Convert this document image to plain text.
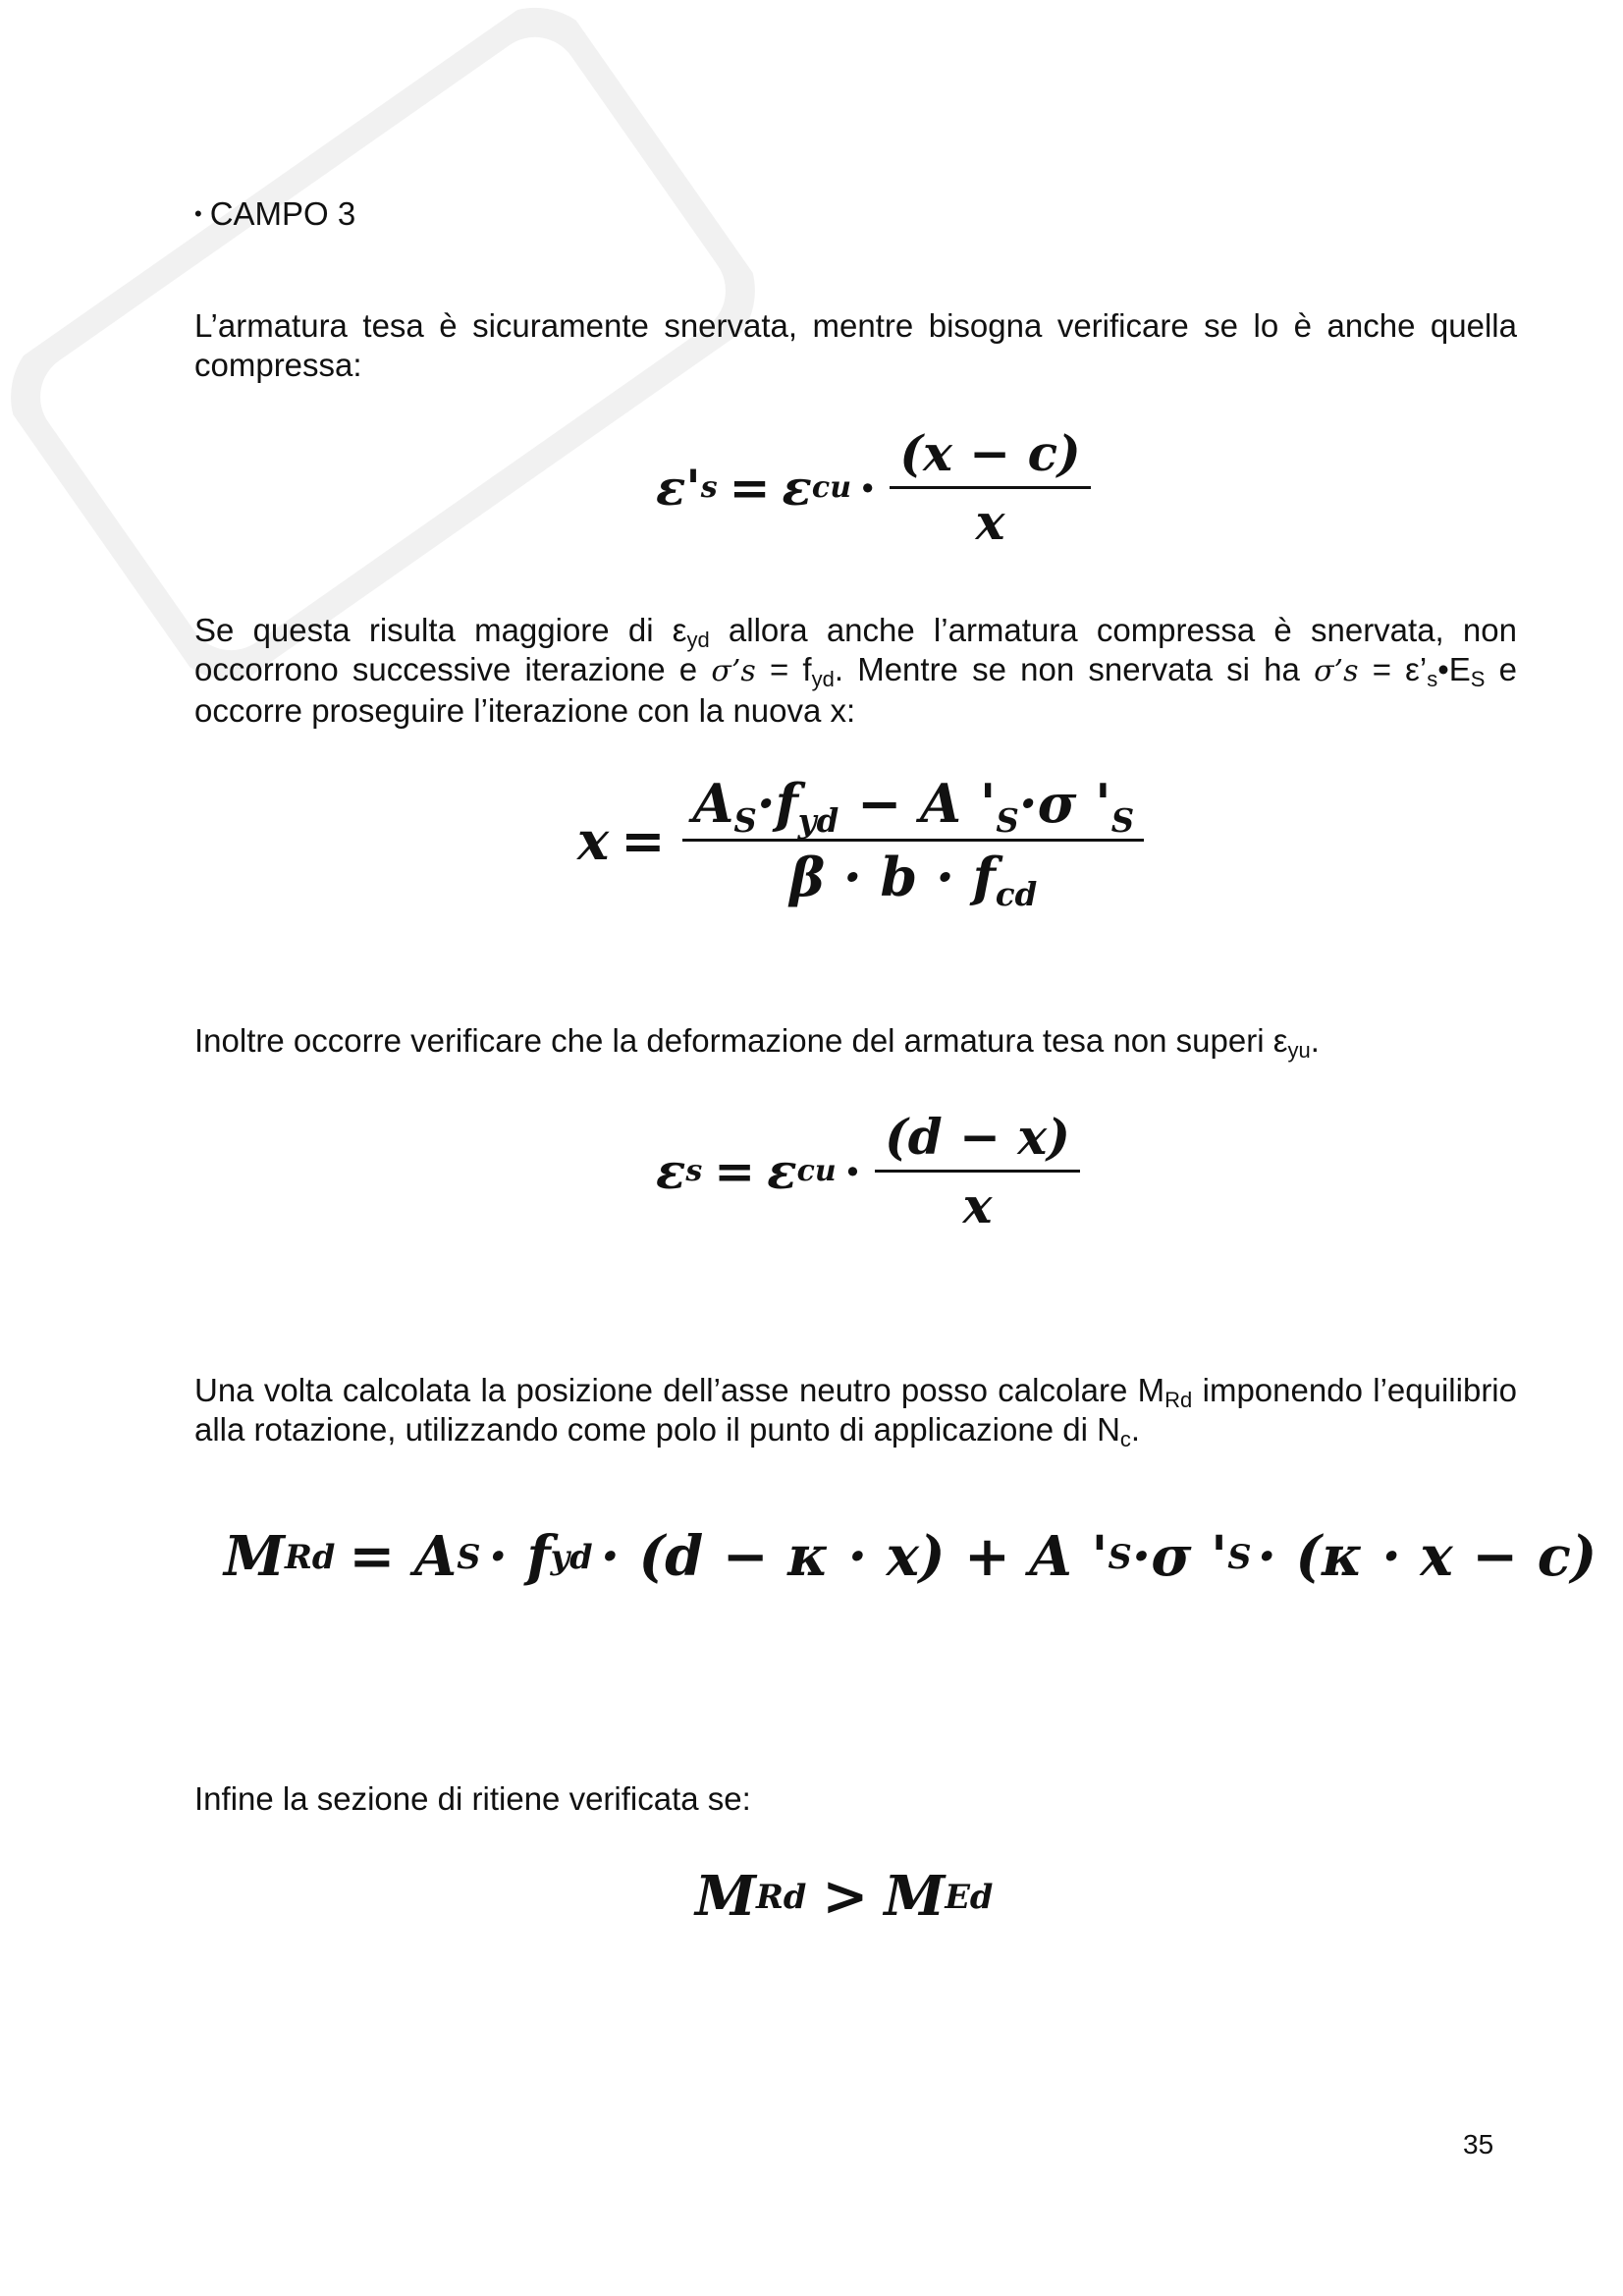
• CAMPO 3
L’armatura tesa è sicuramente snervata, mentre bisogna verificare se lo è anche quella compressa:
ε ' s = ε cu · $\frac{(x - c)}{x}$
Se questa risulta maggiore di $\varepsilon_{yd}$ allora anche l’armatura compressa è snervata, non occorrono successive iterazione e σ’s = $f_{yd}$. Mentre se non snervata si ha σ’s = $\varepsilon’_s•E_S$ e occorre proseguire l’iterazione con la nuova x:
$x = \frac{A_S\cdot f_{yd} - A '_S\cdot\sigma '_S}{\beta \cdot b \cdot f_{cd}}$
Inoltre occorre verificare che la deformazione del armatura tesa non superi $\varepsilon_{yu}$.
ε s = ε cu · $\frac{(d - x)}{x}$
Una volta calcolata la posizione dell’asse neutro posso calcolare $M_{Rd}$ imponendo l’equilibrio alla rotazione, utilizzando come polo il punto di applicazione di $N_c$.
M Rd = A S · f yd · (d − κ · x) + A ' S ·σ ' S · (κ · x − c)
Infine la sezione di ritiene verificata se:
M Rd > M Ed
35
